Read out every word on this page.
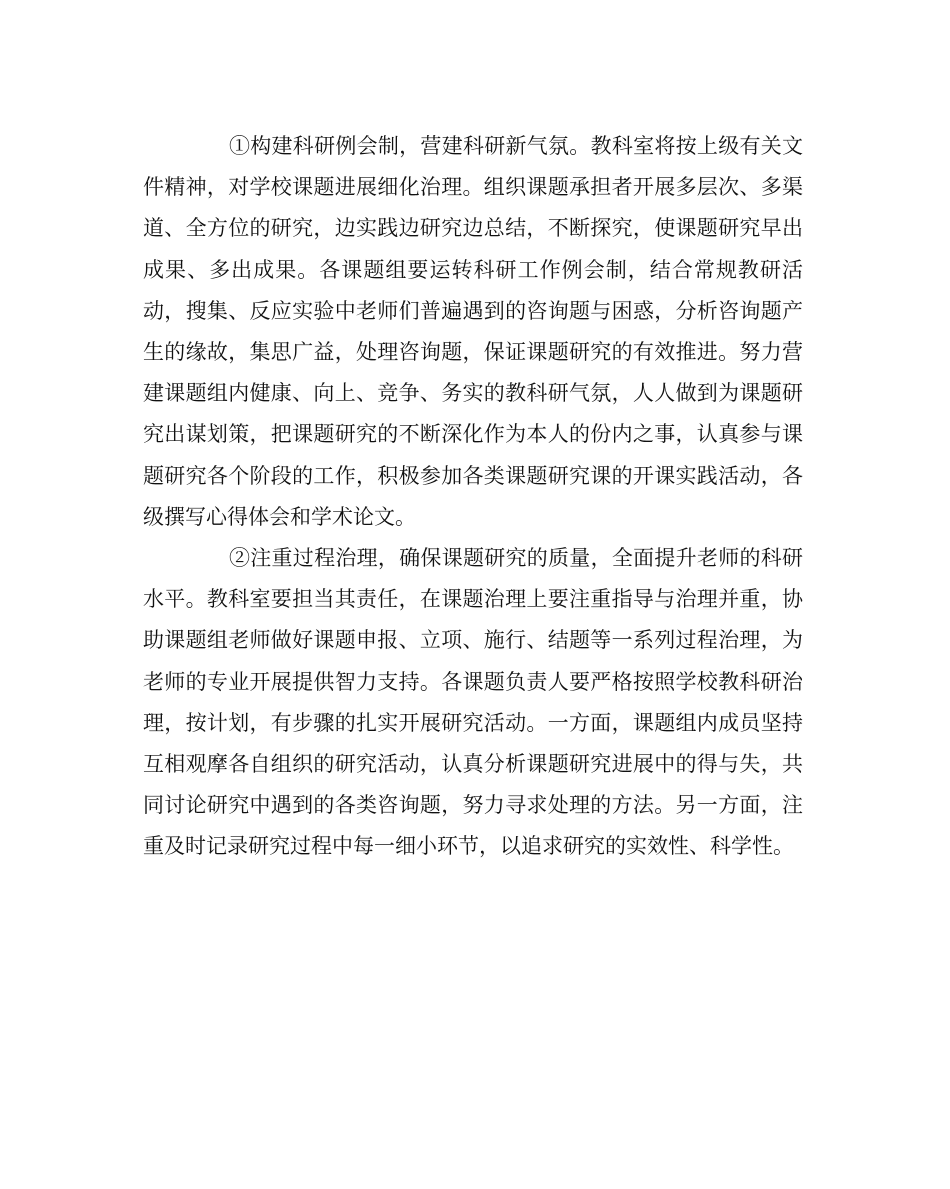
①构建科研例会制，营建科研新气氛。教科室将按上级有关文件精神，对学校课题进展细化治理。组织课题承担者开展多层次、多渠道、全方位的研究，边实践边研究边总结，不断探究，使课题研究早出成果、多出成果。各课题组要运转科研工作例会制，结合常规教研活动，搜集、反应实验中老师们普遍遇到的咨询题与困惑，分析咨询题产生的缘故，集思广益，处理咨询题，保证课题研究的有效推进。努力营建课题组内健康、向上、竞争、务实的教科研气氛，人人做到为课题研究出谋划策，把课题研究的不断深化作为本人的份内之事，认真参与课题研究各个阶段的工作，积极参加各类课题研究课的开课实践活动，各级撰写心得体会和学术论文。

②注重过程治理，确保课题研究的质量，全面提升老师的科研水平。教科室要担当其责任，在课题治理上要注重指导与治理并重，协助课题组老师做好课题申报、立项、施行、结题等一系列过程治理，为老师的专业开展提供智力支持。各课题负责人要严格按照学校教科研治理，按计划，有步骤的扎实开展研究活动。一方面，课题组内成员坚持互相观摩各自组织的研究活动，认真分析课题研究进展中的得与失，共同讨论研究中遇到的各类咨询题，努力寻求处理的方法。另一方面，注重及时记录研究过程中每一细小环节，以追求研究的实效性、科学性。
